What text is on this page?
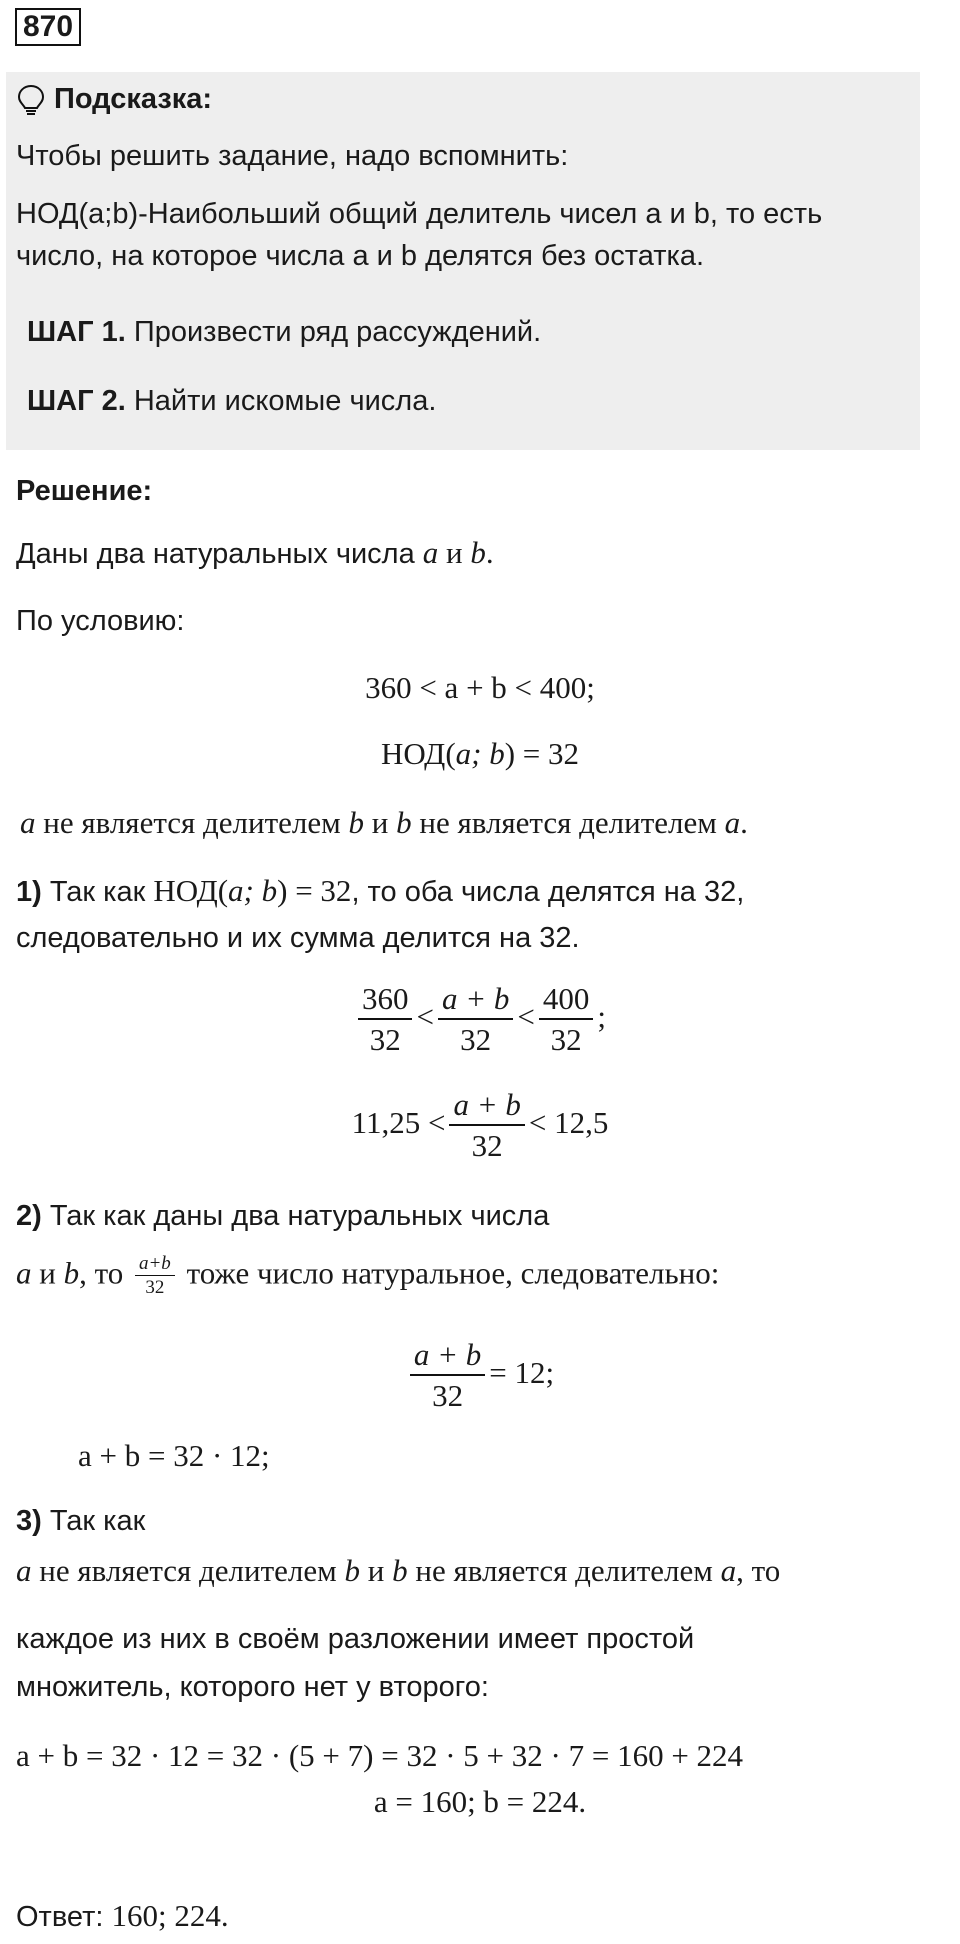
870
Подсказка:
Чтобы решить задание, надо вспомнить:
НОД(a;b)-Наибольший общий делитель чисел a и b, то есть
число, на которое числа a и b делятся без остатка.
ШАГ 1. Произвести ряд рассуждений.
ШАГ 2. Найти искомые числа.
Решение:
Даны два натуральных числа a и b.
По условию:
360 < a + b < 400;
НОД(a; b) = 32
a не является делителем b и b не является делителем a.
1) Так как НОД(a; b) = 32, то оба числа делятся на 32,
следовательно и их сумма делится на 32.
$\frac{360}{32} < \frac{a + b}{32} < \frac{400}{32}$ ;
$11,25 < \frac{a + b}{32} < 12,5$
2) Так как даны два натуральных числа
a и b, то $\frac{a+b}{32}$ тоже число натуральное, следовательно:
$\frac{a + b}{32} = 12$;
a + b = 32 · 12;
3) Так как
a не является делителем b и b не является делителем a, то
каждое из них в своём разложении имеет простой
множитель, которого нет у второго:
a + b = 32 · 12 = 32 · (5 + 7) = 32 · 5 + 32 · 7 = 160 + 224
a = 160; b = 224.
Ответ: 160; 224.
